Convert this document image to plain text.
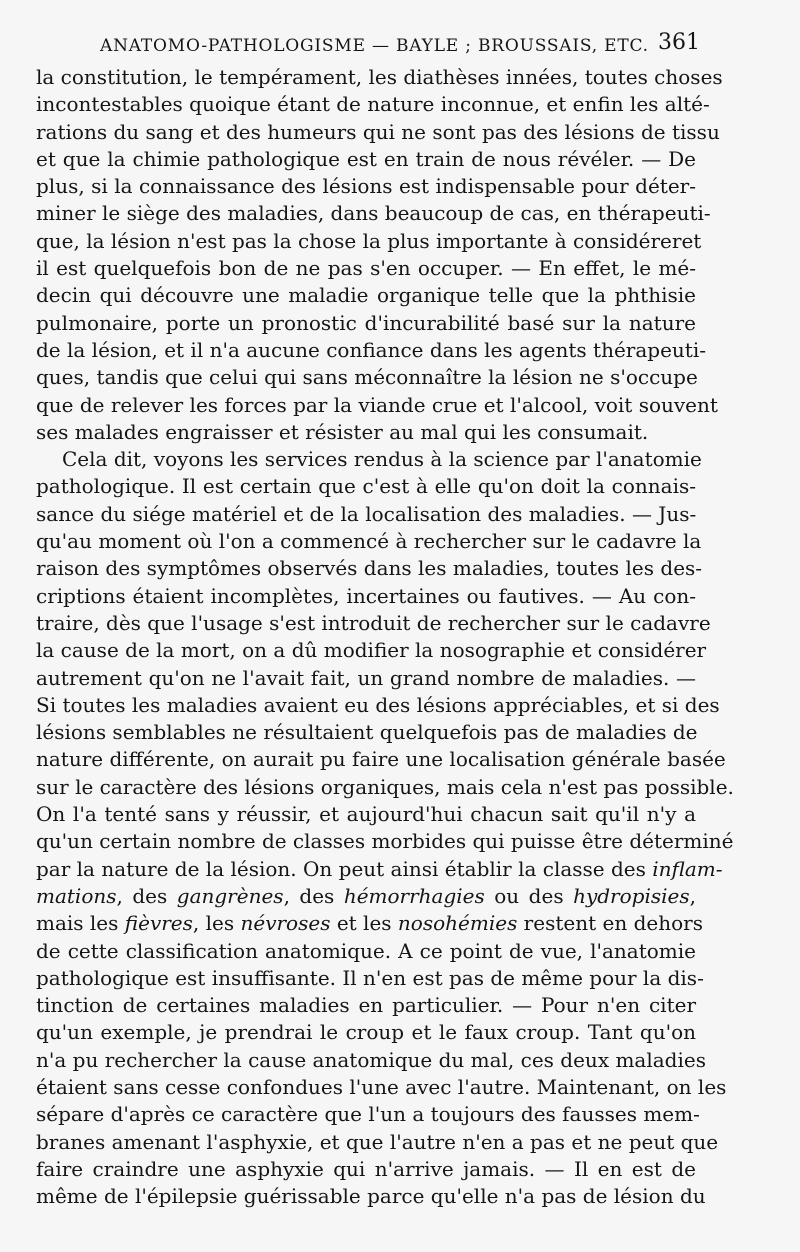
ANATOMO-PATHOLOGISME — BAYLE ; BROUSSAIS, ETC. 361
la constitution, le tempérament, les diathèses innées, toutes choses
incontestables quoique étant de nature inconnue, et enfin les alté-
rations du sang et des humeurs qui ne sont pas des lésions de tissu
et que la chimie pathologique est en train de nous révéler. — De
plus, si la connaissance des lésions est indispensable pour déter-
miner le siège des maladies, dans beaucoup de cas, en thérapeuti-
que, la lésion n'est pas la chose la plus importante à considéreret
il est quelquefois bon de ne pas s'en occuper. — En effet, le mé-
decin qui découvre une maladie organique telle que la phthisie
pulmonaire, porte un pronostic d'incurabilité basé sur la nature
de la lésion, et il n'a aucune confiance dans les agents thérapeuti-
ques, tandis que celui qui sans méconnaître la lésion ne s'occupe
que de relever les forces par la viande crue et l'alcool, voit souvent
ses malades engraisser et résister au mal qui les consumait.
Cela dit, voyons les services rendus à la science par l'anatomie
pathologique. Il est certain que c'est à elle qu'on doit la connais-
sance du siége matériel et de la localisation des maladies. — Jus-
qu'au moment où l'on a commencé à rechercher sur le cadavre la
raison des symptômes observés dans les maladies, toutes les des-
criptions étaient incomplètes, incertaines ou fautives. — Au con-
traire, dès que l'usage s'est introduit de rechercher sur le cadavre
la cause de la mort, on a dû modifier la nosographie et considérer
autrement qu'on ne l'avait fait, un grand nombre de maladies. —
Si toutes les maladies avaient eu des lésions appréciables, et si des
lésions semblables ne résultaient quelquefois pas de maladies de
nature différente, on aurait pu faire une localisation générale basée
sur le caractère des lésions organiques, mais cela n'est pas possible.
On l'a tenté sans y réussir, et aujourd'hui chacun sait qu'il n'y a
qu'un certain nombre de classes morbides qui puisse être déterminé
par la nature de la lésion. On peut ainsi établir la classe des inflam-
mations, des gangrènes, des hémorrhagies ou des hydropisies,
mais les fièvres, les névroses et les nosohémies restent en dehors
de cette classification anatomique. A ce point de vue, l'anatomie
pathologique est insuffisante. Il n'en est pas de même pour la dis-
tinction de certaines maladies en particulier. — Pour n'en citer
qu'un exemple, je prendrai le croup et le faux croup. Tant qu'on
n'a pu rechercher la cause anatomique du mal, ces deux maladies
étaient sans cesse confondues l'une avec l'autre. Maintenant, on les
sépare d'après ce caractère que l'un a toujours des fausses mem-
branes amenant l'asphyxie, et que l'autre n'en a pas et ne peut que
faire craindre une asphyxie qui n'arrive jamais. — Il en est de
même de l'épilepsie guérissable parce qu'elle n'a pas de lésion du
